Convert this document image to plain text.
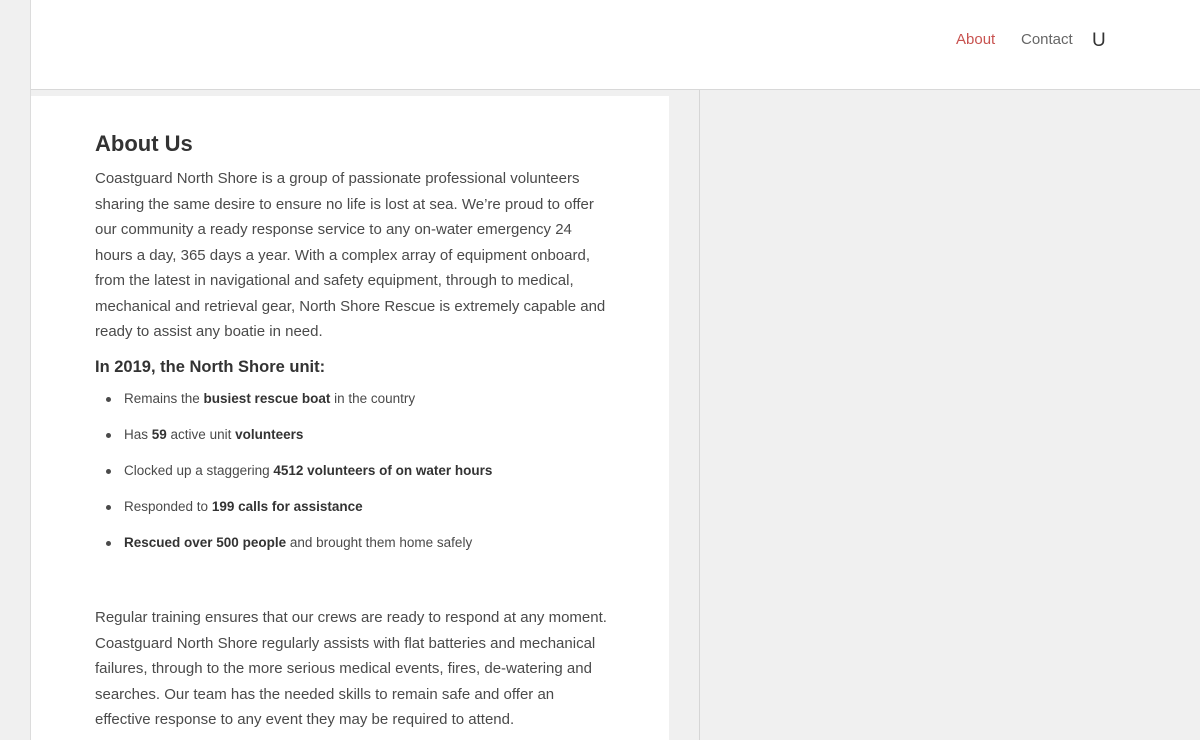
About Contact U
About Us

Coastguard North Shore is a group of passionate professional volunteers sharing the same desire to ensure no life is lost at sea. We’re proud to offer our community a ready response service to any on-water emergency 24 hours a day, 365 days a year. With a complex array of equipment onboard, from the latest in navigational and safety equipment, through to medical, mechanical and retrieval gear, North Shore Rescue is extremely capable and ready to assist any boatie in need.

In 2019, the North Shore unit:
Remains the busiest rescue boat in the country
Has 59 active unit volunteers
Clocked up a staggering 4512 volunteers of on water hours
Responded to 199 calls for assistance
Rescued over 500 people and brought them home safely

Regular training ensures that our crews are ready to respond at any moment. Coastguard North Shore regularly assists with flat batteries and mechanical failures, through to the more serious medical events, fires, de-watering and searches. Our team has the needed skills to remain safe and offer an effective response to any event they may be required to attend.
